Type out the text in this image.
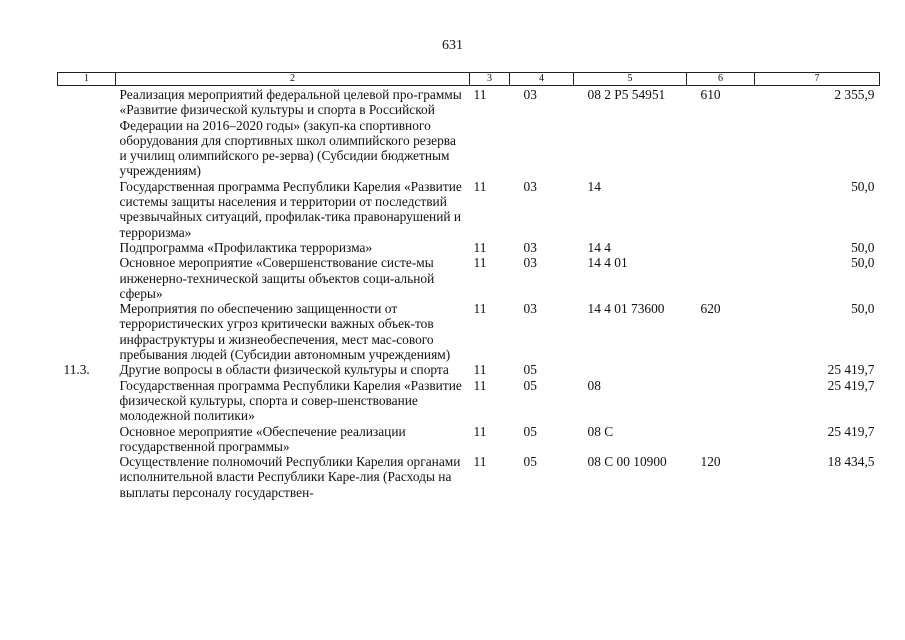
631
1	2	3	4	5	6	7
	Реализация мероприятий федеральной целевой про-граммы «Развитие физической культуры и спорта в Российской Федерации на 2016–2020 годы» (закуп-ка спортивного оборудования для спортивных школ олимпийского резерва и училищ олимпийского ре-зерва) (Субсидии бюджетным учреждениям)	11	03	08 2 P5 54951	610	2 355,9
	Государственная программа Республики Карелия «Развитие системы защиты населения и территории от последствий чрезвычайных ситуаций, профилак-тика правонарушений и терроризма»	11	03	14		50,0
	Подпрограмма «Профилактика терроризма»	11	03	14 4		50,0
	Основное мероприятие «Совершенствование систе-мы инженерно-технической защиты объектов соци-альной сферы»	11	03	14 4 01		50,0
	Мероприятия по обеспечению защищенности от террористических угроз критически важных объек-тов инфраструктуры и жизнеобеспечения, мест мас-сового пребывания людей (Субсидии автономным учреждениям)	11	03	14 4 01 73600	620	50,0
11.3.	Другие вопросы в области физической культуры и спорта	11	05			25 419,7
	Государственная программа Республики Карелия «Развитие физической культуры, спорта и совер-шенствование молодежной политики»	11	05	08		25 419,7
	Основное мероприятие «Обеспечение реализации государственной программы»	11	05	08 С		25 419,7
	Осуществление полномочий Республики Карелия органами исполнительной власти Республики Каре-лия (Расходы на выплаты персоналу государствен-	11	05	08 С 00 10900	120	18 434,5
